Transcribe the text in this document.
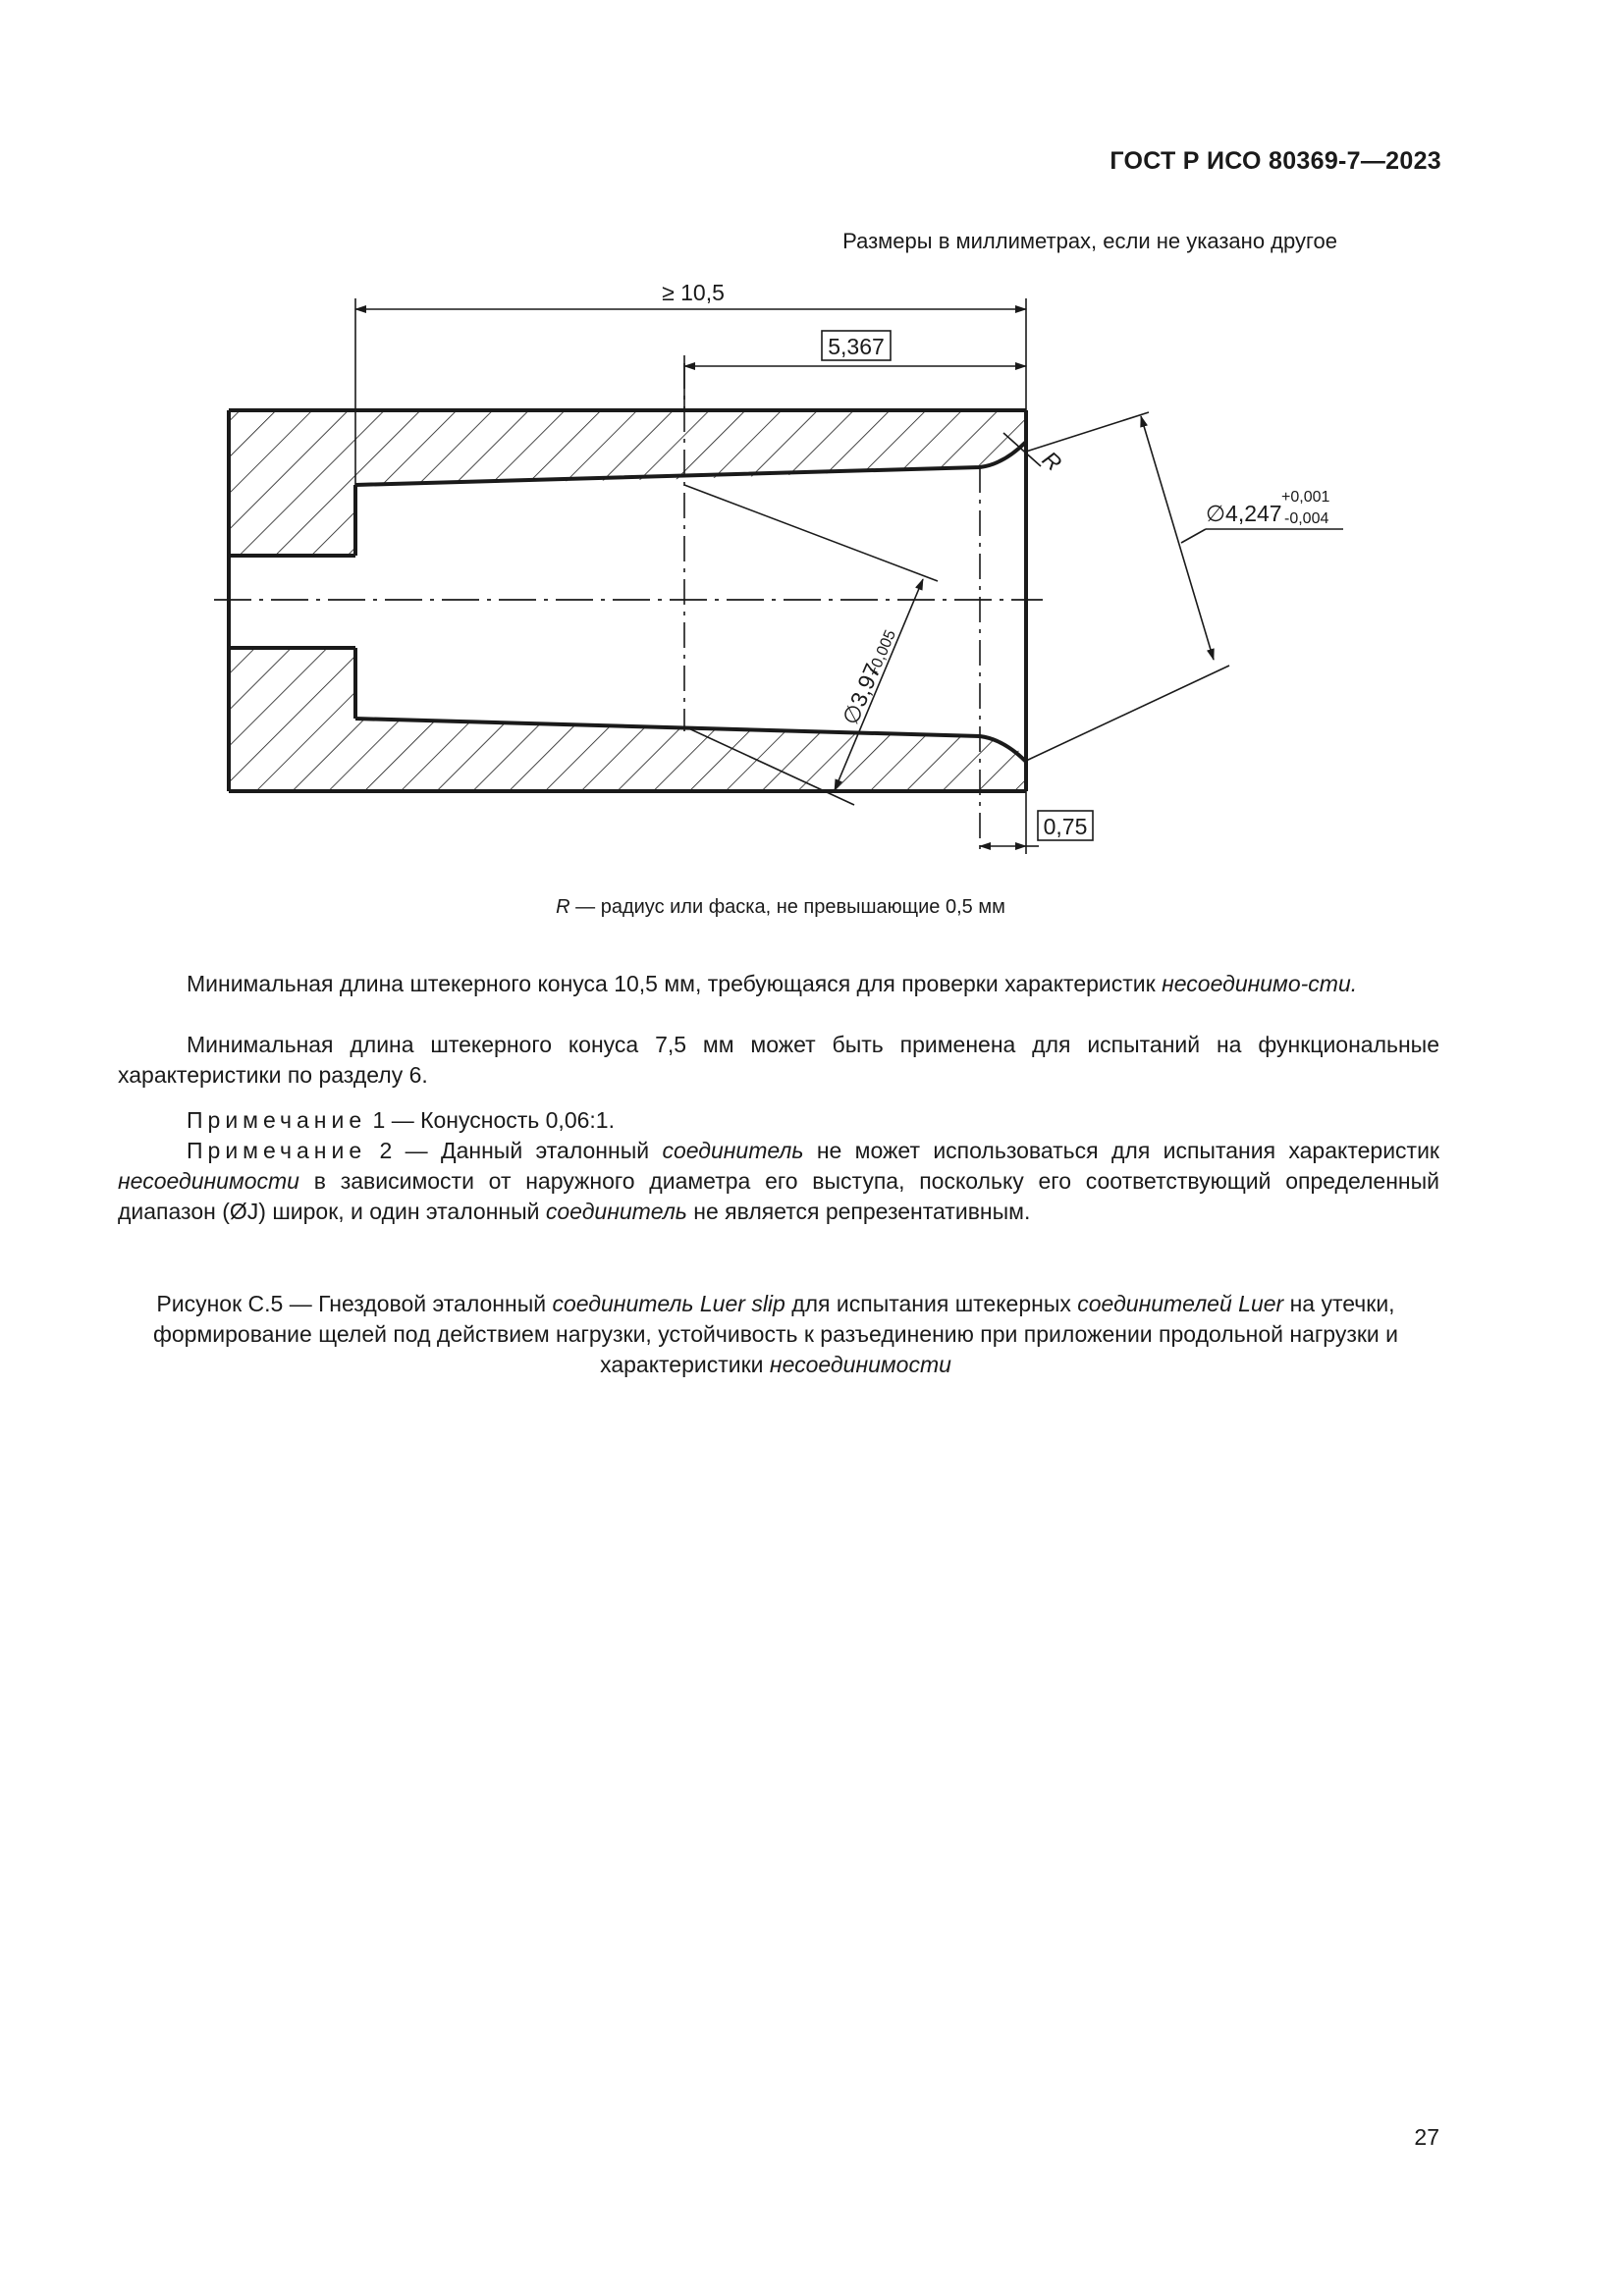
ГОСТ Р ИСО 80369-7—2023
Размеры в миллиметрах, если не указано другое
≥ 10,5
5,367
0,75
∅4,247
+0,001
-0,004
∅3,97
+0,005
R
R — радиус или фаска, не превышающие 0,5 мм
Минимальная длина штекерного конуса 10,5 мм, требующаяся для проверки характеристик несоединимо-сти.
Минимальная длина штекерного конуса 7,5 мм может быть применена для испытаний на функциональные характеристики по разделу 6.
Примечание 1 — Конусность 0,06:1.
Примечание 2 — Данный эталонный соединитель не может использоваться для испытания характеристик несоединимости в зависимости от наружного диаметра его выступа, поскольку его соответствующий определенный диапазон (ØJ) широк, и один эталонный соединитель не является репрезентативным.
Рисунок С.5 — Гнездовой эталонный соединитель Luer slip для испытания штекерных соединителей Luer на утечки, формирование щелей под действием нагрузки, устойчивость к разъединению при приложении продольной нагрузки и характеристики несоединимости
27
